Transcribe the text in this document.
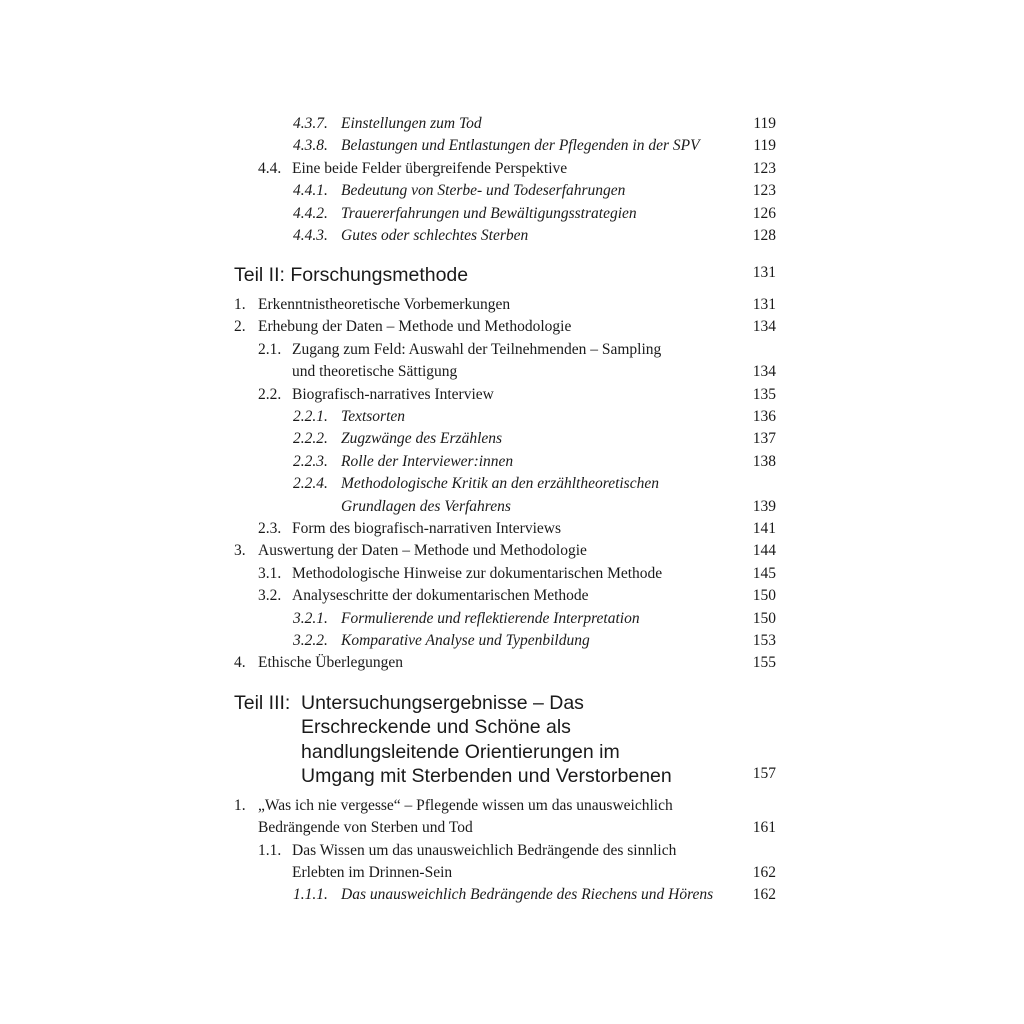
4.3.7. Einstellungen zum Tod	119
4.3.8. Belastungen und Entlastungen der Pflegenden in der SPV	119
4.4. Eine beide Felder übergreifende Perspektive	123
4.4.1. Bedeutung von Sterbe- und Todeserfahrungen	123
4.4.2. Trauererfahrungen und Bewältigungsstrategien	126
4.4.3. Gutes oder schlechtes Sterben	128
Teil II: Forschungsmethode	131
1. Erkenntnistheoretische Vorbemerkungen	131
2. Erhebung der Daten – Methode und Methodologie	134
2.1. Zugang zum Feld: Auswahl der Teilnehmenden – Sampling
und theoretische Sättigung	134
2.2. Biografisch-narratives Interview	135
2.2.1. Textsorten	136
2.2.2. Zugzwänge des Erzählens	137
2.2.3. Rolle der Interviewer:innen	138
2.2.4. Methodologische Kritik an den erzähltheoretischen
Grundlagen des Verfahrens	139
2.3. Form des biografisch-narrativen Interviews	141
3. Auswertung der Daten – Methode und Methodologie	144
3.1. Methodologische Hinweise zur dokumentarischen Methode	145
3.2. Analyseschritte der dokumentarischen Methode	150
3.2.1. Formulierende und reflektierende Interpretation	150
3.2.2. Komparative Analyse und Typenbildung	153
4. Ethische Überlegungen	155
Teil III: Untersuchungsergebnisse – Das
Erschreckende und Schöne als
handlungsleitende Orientierungen im
Umgang mit Sterbenden und Verstorbenen	157
1. „Was ich nie vergesse“ – Pflegende wissen um das unausweichlich
Bedrängende von Sterben und Tod	161
1.1. Das Wissen um das unausweichlich Bedrängende des sinnlich
Erlebten im Drinnen-Sein	162
1.1.1. Das unausweichlich Bedrängende des Riechens und Hörens	162
